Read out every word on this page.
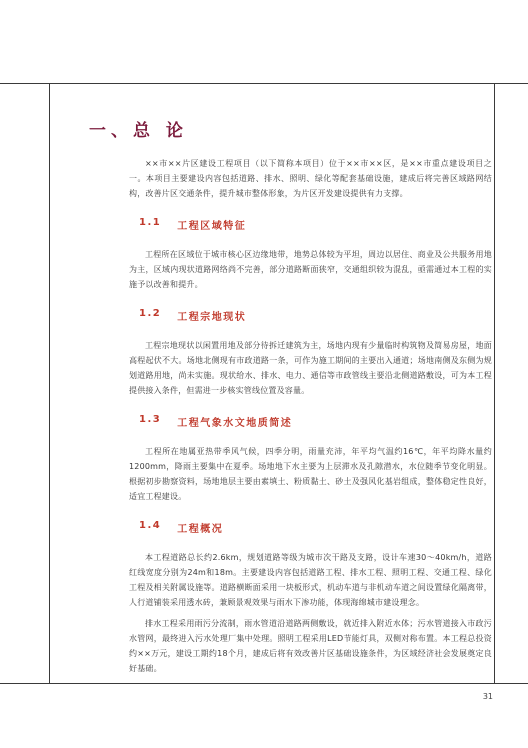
一、总 论

××市××片区建设工程项目（以下简称本项目）位于××市××区，是××市重点建设项目之一。本项目主要建设内容包括道路、排水、照明、绿化等配套基础设施，建成后将完善区域路网结构，改善片区交通条件，提升城市整体形象，为片区开发建设提供有力支撑。

1.1 工程区域特征

工程所在区域位于城市核心区边缘地带，地势总体较为平坦，周边以居住、商业及公共服务用地为主，区域内现状道路网络尚不完善，部分道路断面狭窄，交通组织较为混乱，亟需通过本工程的实施予以改善和提升。

1.2 工程宗地现状

工程宗地现状以闲置用地及部分待拆迁建筑为主，场地内现有少量临时构筑物及简易房屋，地面高程起伏不大。场地北侧现有市政道路一条，可作为施工期间的主要出入通道；场地南侧及东侧为规划道路用地，尚未实施。现状给水、排水、电力、通信等市政管线主要沿北侧道路敷设，可为本工程提供接入条件，但需进一步核实管线位置及容量。

1.3 工程气象水文地质简述

工程所在地属亚热带季风气候，四季分明，雨量充沛，年平均气温约16℃，年平均降水量约1200mm，降雨主要集中在夏季。场地地下水主要为上层滞水及孔隙潜水，水位随季节变化明显。根据初步勘察资料，场地地层主要由素填土、粉质黏土、砂土及强风化基岩组成，整体稳定性良好，适宜工程建设。

1.4 工程概况

本工程道路总长约2.6km，规划道路等级为城市次干路及支路，设计车速30～40km/h，道路红线宽度分别为24m和18m。主要建设内容包括道路工程、排水工程、照明工程、交通工程、绿化工程及相关附属设施等。道路横断面采用一块板形式，机动车道与非机动车道之间设置绿化隔离带，人行道铺装采用透水砖，兼顾景观效果与雨水下渗功能，体现海绵城市建设理念。

排水工程采用雨污分流制，雨水管道沿道路两侧敷设，就近排入附近水体；污水管道接入市政污水管网，最终进入污水处理厂集中处理。照明工程采用LED节能灯具，双侧对称布置。本工程总投资约××万元，建设工期约18个月，建成后将有效改善片区基础设施条件，为区域经济社会发展奠定良好基础。

31
